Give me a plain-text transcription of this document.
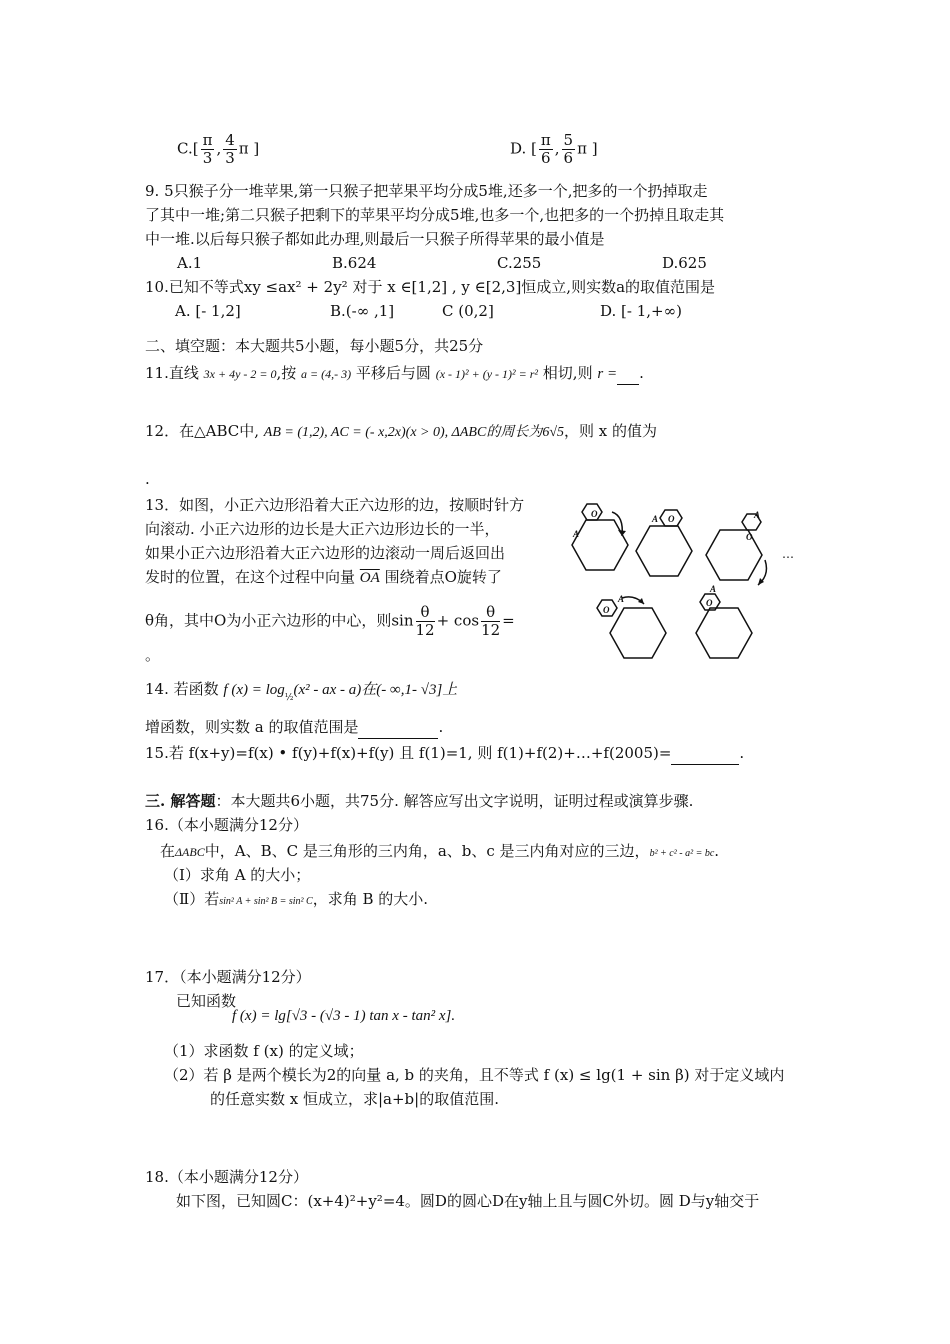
$C.[ \frac{\pi}{3}$ , $\frac{4}{3}$ π ]	D. [ $\frac{\pi}{6}$ , $\frac{5}{6}$ π ]
9. 5只猴子分一堆苹果,第一只猴子把苹果平均分成5堆,还多一个,把多的一个扔掉取走
了其中一堆;第二只猴子把剩下的苹果平均分成5堆,也多一个,也把多的一个扔掉且取走其
中一堆.以后每只猴子都如此办理,则最后一只猴子所得苹果的最小值是
A.1	B.624	C.255	D.625
10.已知不等式xy ≤ax² + 2y² 对于 x ∈[1,2] , y ∈[2,3]恒成立,则实数a的取值范围是
A. [- 1,2]	B.(-∞ ,1]	C (0,2]	D. [- 1,+∞)
二、填空题：本大题共5小题，每小题5分，共25分
11.直线 3x + 4y - 2 = 0,按 a = (4,- 3) 平移后与圆 (x - 1)² + (y - 1)² = r² 相切,则 r = .
12．在△ABC中, AB = (1,2), AC = (- x,2x)(x > 0), ΔABC的周长为6√5，则 x 的值为
.
13．如图，小正六边形沿着大正六边形的边，按顺时针方
向滚动. 小正六边形的边长是大正六边形边长的一半，
如果小正六边形沿着大正六边形的边滚动一周后返回出
发时的位置，在这个过程中向量 $\overline{OA}$ 围绕着点O旋转了
θ角，其中O为小正六边形的中心，则$\sin \frac{\theta}{12} + \cos \frac{\theta}{12}$ =
。
O
A
A O	A
O
O
A
A
O
…
14. 若函数 f $(x) = \log_{\frac{1}{2}}(x^2$ - ax - a)在(- ∞,1- √3]上
增函数，则实数 a 的取值范围是	.
15.若 f(x+y)=f(x) • f(y)+f(x)+f(y) 且 f(1)=1, 则 f(1)+f(2)+…+f(2005)=	.
三. 解答题：本大题共6小题，共75分. 解答应写出文字说明，证明过程或演算步骤.
16.（本小题满分12分）
在ΔABC中，A、B、C 是三角形的三内角，a、b、c 是三内角对应的三边，b² + c² - a² = bc.
（Ⅰ）求角 A 的大小；
（Ⅱ）若sin² A + sin² B = sin² C，求角 B 的大小.
17．（本小题满分12分）
已知函数
f (x) = lg[√3 - (√3 - 1) tan x - tan² x].
（1）求函数 f (x) 的定义域；
（2）若 β 是两个模长为2的向量 a, b 的夹角，且不等式 f (x) ≤ lg(1 + sin β) 对于定义域内
的任意实数 x 恒成立，求|a+b|的取值范围.
18.（本小题满分12分）
如下图，已知圆C：(x+4)²+y²=4。圆D的圆心D在y轴上且与圆C外切。圆 D与y轴交于
